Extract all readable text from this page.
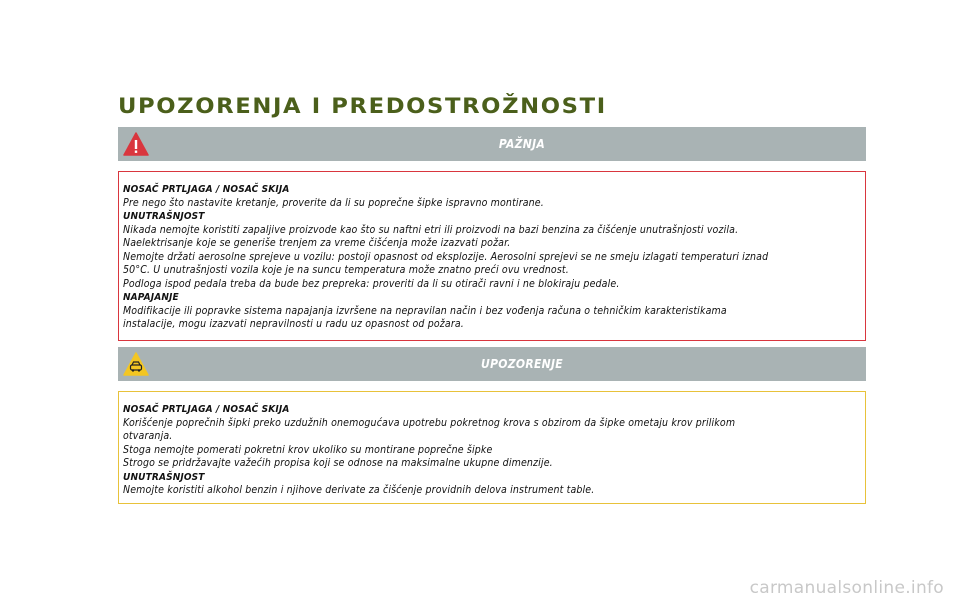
UPOZORENJA I PREDOSTROŽNOSTI
PAŽNJA
NOSAČ PRTLJAGA / NOSAČ SKIJA
Pre nego što nastavite kretanje, proverite da li su poprečne šipke ispravno montirane.
UNUTRAŠNJOST
Nikada nemojte koristiti zapaljive proizvode kao što su naftni etri ili proizvodi na bazi benzina za čišćenje unutrašnjosti vozila.
Naelektrisanje koje se generiše trenjem za vreme čišćenja može izazvati požar.
Nemojte držati aerosolne sprejeve u vozilu: postoji opasnost od eksplozije. Aerosolni sprejevi se ne smeju izlagati temperaturi iznad
50°C. U unutrašnjosti vozila koje je na suncu temperatura može znatno preći ovu vrednost.
Podloga ispod pedala treba da bude bez prepreka: proveriti da li su otirači ravni i ne blokiraju pedale.
NAPAJANJE
Modifikacije ili popravke sistema napajanja izvršene na nepravilan način i bez vođenja računa o tehničkim karakteristikama
instalacije, mogu izazvati nepravilnosti u radu uz opasnost od požara.
UPOZORENJE
NOSAČ PRTLJAGA / NOSAČ SKIJA
Korišćenje poprečnih šipki preko uzdužnih onemogućava upotrebu pokretnog krova s obzirom da šipke ometaju krov prilikom
otvaranja.
Stoga nemojte pomerati pokretni krov ukoliko su montirane poprečne šipke
Strogo se pridržavajte važećih propisa koji se odnose na maksimalne ukupne dimenzije.
UNUTRAŠNJOST
Nemojte koristiti alkohol benzin i njihove derivate za čišćenje providnih delova instrument table.
carmanualsonline.info
